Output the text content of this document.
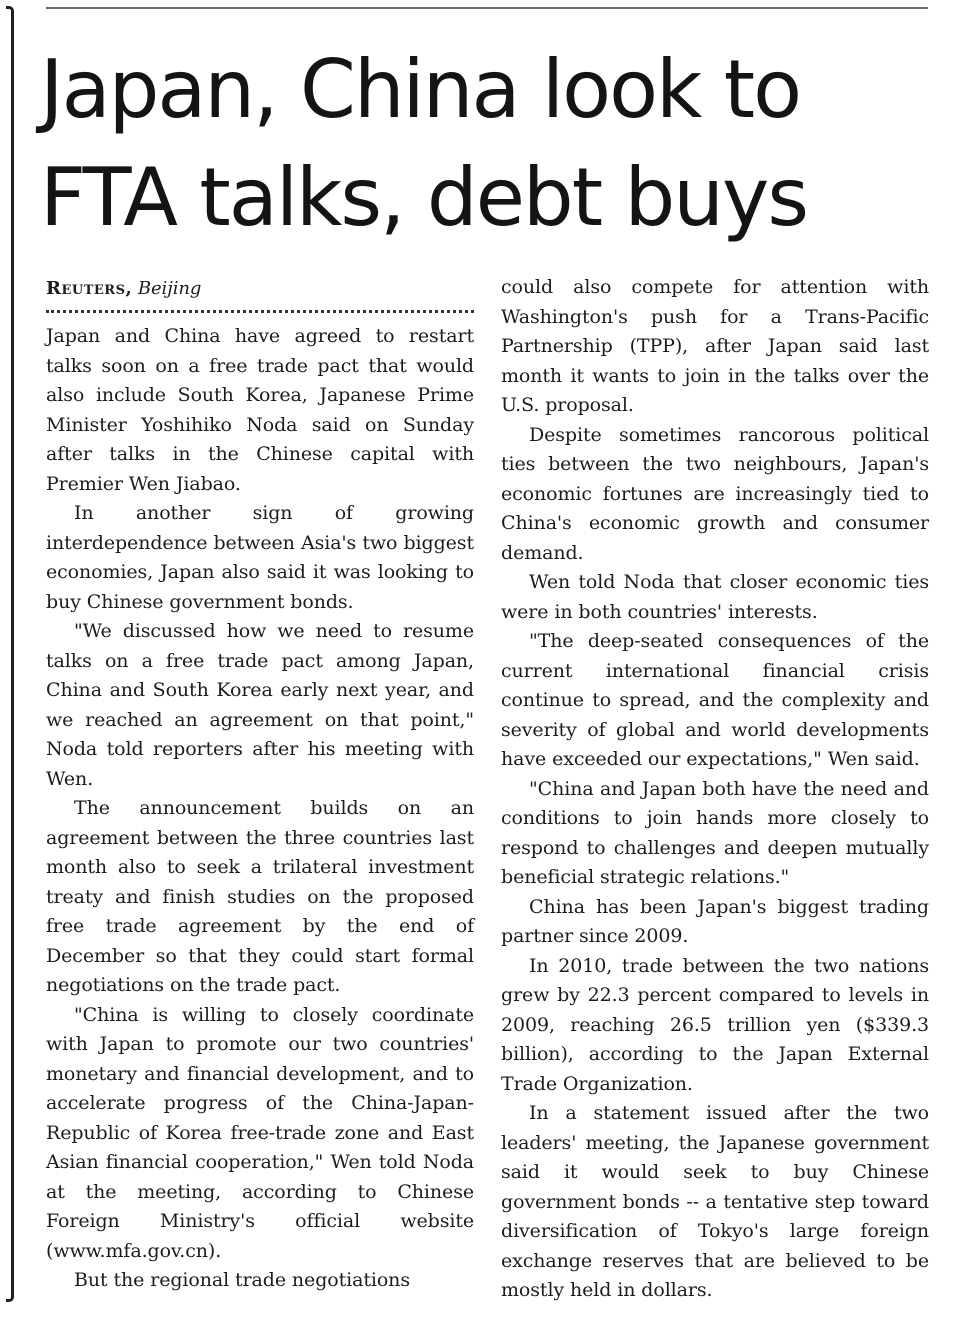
Japan, China look to
FTA talks, debt buys
Reuters, Beijing

Japan and China have agreed to restart talks soon on a free trade pact that would also include South Korea, Japanese Prime Minister Yoshihiko Noda said on Sunday after talks in the Chinese capital with Premier Wen Jiabao.

In another sign of growing interdependence between Asia's two biggest economies, Japan also said it was looking to buy Chinese government bonds.

"We discussed how we need to resume talks on a free trade pact among Japan, China and South Korea early next year, and we reached an agreement on that point," Noda told reporters after his meeting with Wen.

The announcement builds on an agreement between the three countries last month also to seek a trilateral investment treaty and finish studies on the proposed free trade agreement by the end of December so that they could start formal negotiations on the trade pact.

"China is willing to closely coordinate with Japan to promote our two countries' monetary and financial development, and to accelerate progress of the China-Japan-Republic of Korea free-trade zone and East Asian financial cooperation," Wen told Noda at the meeting, according to Chinese Foreign Ministry's official website (www.mfa.gov.cn).

But the regional trade negotiations

could also compete for attention with Washington's push for a Trans-Pacific Partnership (TPP), after Japan said last month it wants to join in the talks over the U.S. proposal.

Despite sometimes rancorous political ties between the two neighbours, Japan's economic fortunes are increasingly tied to China's economic growth and consumer demand.

Wen told Noda that closer economic ties were in both countries' interests.

"The deep-seated consequences of the current international financial crisis continue to spread, and the complexity and severity of global and world developments have exceeded our expectations," Wen said.

"China and Japan both have the need and conditions to join hands more closely to respond to challenges and deepen mutually beneficial strategic relations."

China has been Japan's biggest trading partner since 2009.

In 2010, trade between the two nations grew by 22.3 percent compared to levels in 2009, reaching 26.5 trillion yen ($339.3 billion), according to the Japan External Trade Organization.

In a statement issued after the two leaders' meeting, the Japanese government said it would seek to buy Chinese government bonds -- a tentative step toward diversification of Tokyo's large foreign exchange reserves that are believed to be mostly held in dollars.
